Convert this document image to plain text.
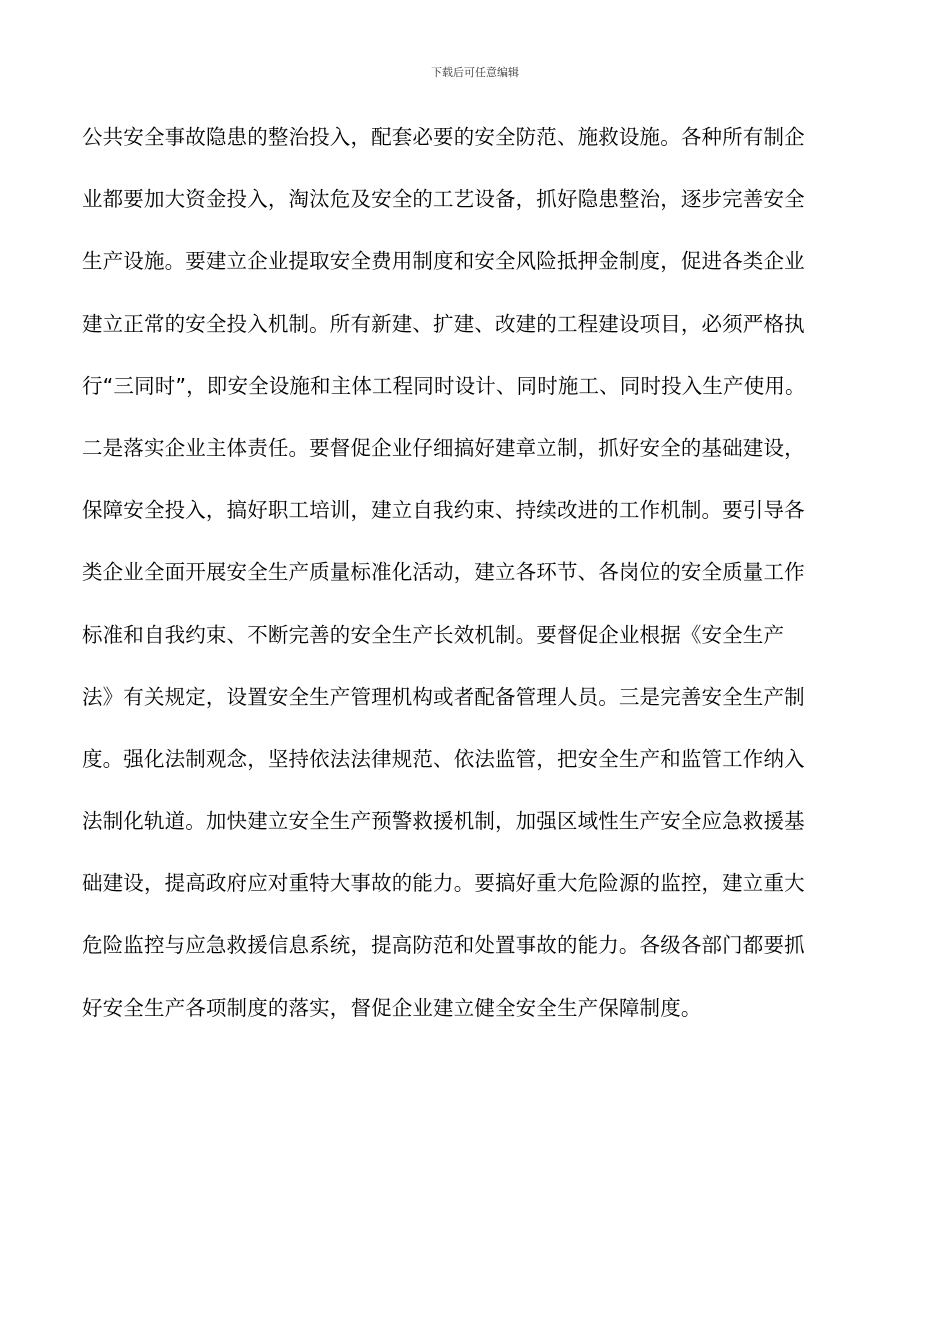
下载后可任意编辑
公共安全事故隐患的整治投入，配套必要的安全防范、施救设施。各种所有制企
业都要加大资金投入，淘汰危及安全的工艺设备，抓好隐患整治，逐步完善安全
生产设施。要建立企业提取安全费用制度和安全风险抵押金制度，促进各类企业
建立正常的安全投入机制。所有新建、扩建、改建的工程建设项目，必须严格执
行“三同时”，即安全设施和主体工程同时设计、同时施工、同时投入生产使用。
二是落实企业主体责任。要督促企业仔细搞好建章立制，抓好安全的基础建设，
保障安全投入，搞好职工培训，建立自我约束、持续改进的工作机制。要引导各
类企业全面开展安全生产质量标准化活动，建立各环节、各岗位的安全质量工作
标准和自我约束、不断完善的安全生产长效机制。要督促企业根据《安全生产
法》有关规定，设置安全生产管理机构或者配备管理人员。三是完善安全生产制
度。强化法制观念，坚持依法法律规范、依法监管，把安全生产和监管工作纳入
法制化轨道。加快建立安全生产预警救援机制，加强区域性生产安全应急救援基
础建设，提高政府应对重特大事故的能力。要搞好重大危险源的监控，建立重大
危险监控与应急救援信息系统，提高防范和处置事故的能力。各级各部门都要抓
好安全生产各项制度的落实，督促企业建立健全安全生产保障制度。
